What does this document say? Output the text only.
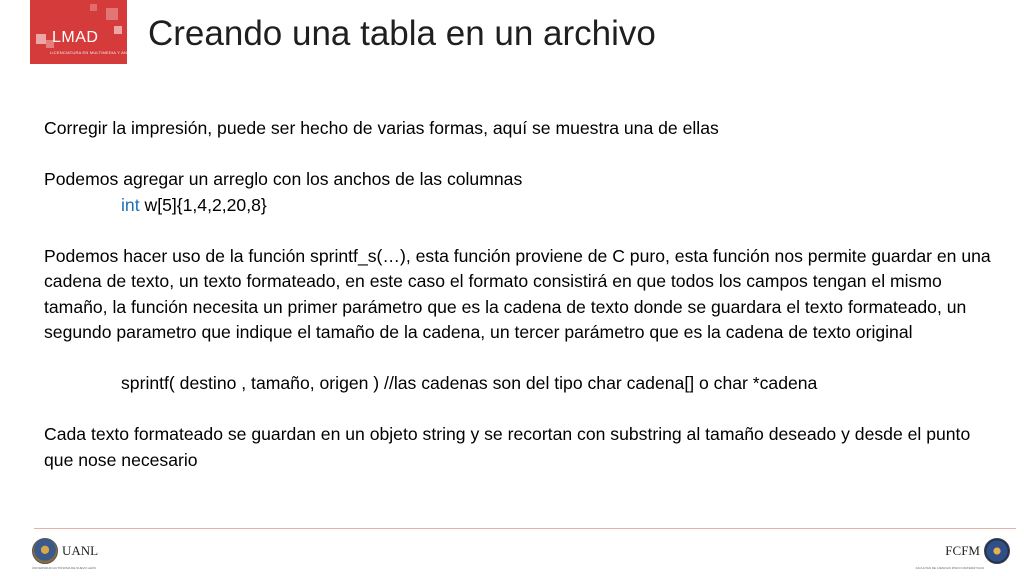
LMAD
LICENCIATURA EN MULTIMEDIA Y ANIMACIÓN DIGITAL
Creando una tabla en un archivo

Corregir la impresión, puede ser hecho de varias formas, aquí se muestra una de ellas

Podemos agregar un arreglo con los anchos de las columnas

int w[5]{1,4,2,20,8}

Podemos hacer uso de la función sprintf_s(…), esta función proviene de C puro, esta función nos permite guardar en una cadena de texto, un texto formateado, en este caso el formato consistirá en que todos los campos tengan el mismo tamaño, la función necesita un primer parámetro que es la cadena de texto donde se guardara el texto formateado, un segundo parametro que indique el tamaño de la cadena, un tercer parámetro que es la cadena de texto original

sprintf( destino , tamaño, origen ) //las cadenas son del tipo char cadena[] o char *cadena

Cada texto formateado se guardan en un objeto string y se recortan con substring al tamaño deseado y desde el punto que nose necesario

UANL
UNIVERSIDAD AUTÓNOMA DE NUEVO LEÓN
FCFM
FACULTAD DE CIENCIAS FÍSICO MATEMÁTICAS
